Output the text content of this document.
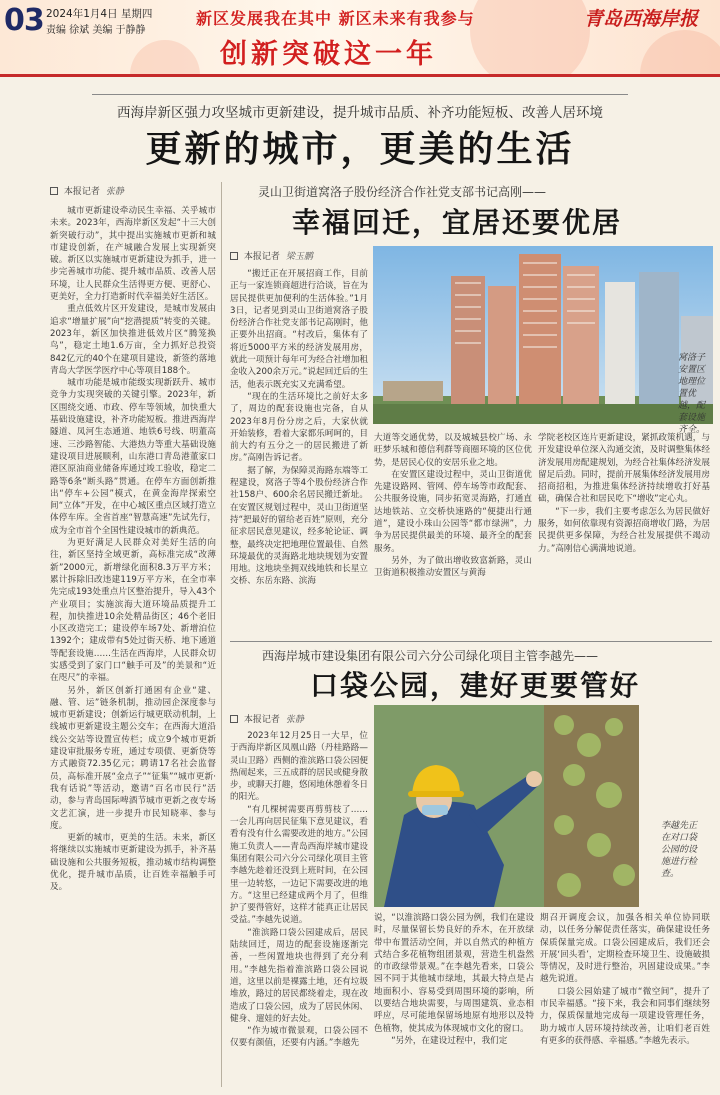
03 2024年1月4日 星期四
责编 徐斌 美编 于静静
新区发展我在其中 新区未来有我参与
创新突破这一年
青岛西海岸报
西海岸新区强力攻坚城市更新建设，提升城市品质、补齐功能短板、改善人居环境
更新的城市，更美的生活
本报记者 张静

城市更新建设牵动民生幸福、关乎城市未来。2023年，西海岸新区发起“十三大创新突破行动”，其中提出实施城市更新和城市建设创新，在产城融合发展上实现新突破。新区以实施城市更新建设为抓手，进一步完善城市功能、提升城市品质、改善人居环境，让人民群众生活得更方便、更舒心、更美好，全力打造新时代幸福美好生活区。

重点低效片区开发建设，是城市发展由追求“增量扩展”向“挖潜提质”转变的关键。2023年，新区加快推进低效片区“腾笼换鸟”，稳定土地1.6万亩，全力抓好总投资842亿元的40个在建项目建设，新签约落地青岛大学医学医疗中心等项目188个。

城市功能是城市能级实现新跃升、城市竞争力实现突破的关键引擎。2023年，新区围绕交通、市政、停车等领域，加快重大基础设施建设，补齐功能短板。推进西海岸隧道、凤河生态通道、地铁6号线、明董高速、三沙路智能、大港热力等重大基础设施建设项目进展顺利，山东港口青岛港董家口港区原油商业储备库通过竣工验收，稳定二路等6条“断头路”贯通。在停车方面创新推出“停车+公园”模式，在黄金海岸探索空间“立体”开发，在中心城区重点区域打造立体停车库。全省首座“智慧高速”先试先行，成为全市首个全国性建设城市的新典范。

为更好满足人民群众对美好生活的向往，新区坚持全域更新，高标准完成“改薄新”2000元，新增绿化面积8.3万平方米；累计拆除旧改违建119万平方米，在全市率先完成193处重点片区整治提升，导入43个产业项目；实施滨海大道环境品质提升工程，加快推进10余处精品街区；46个老旧小区改造完工；建设停车场7处、新增泊位1392个；建成带有5处过街天桥、地下通道等配套设施……生活在西海岸，人民群众切实感受到了家门口“触手可及”的美景和“近在咫尺”的幸福。

另外，新区创新打通困有企业“建、融、管、运”链条机制，推动园企深度参与城市更新建设；创新运行城更联动机制，上线城市更新建设主题公交车；在西海大道沿线公交站等设置宣传栏；成立9个城市更新建设审批服务专班，通过专项债、更新贷等方式融资72.35亿元；聘请17名社会监督员，高标准开展“金点子”“征集”“城市更新·我有话说”等活动，邀请“百名市民行”活动，参与青岛国际啤酒节城市更新之夜专场文艺汇演，进一步提升市民知晓率、参与度。

更新的城市，更美的生活。未来，新区将继续以实施城市更新建设为抓手，补齐基础设施和公共服务短板，推动城市结构调整优化，提升城市品质，让百姓幸福触手可及。

灵山卫街道窝洛子股份经济合作社党支部书记高刚——
幸福回迁，宜居还要优居
本报记者 梁玉鹏

“搬迁正在开展招商工作，目前正与一家连锁商超进行洽谈，旨在为居民提供更加便利的生活体验。”1月3日，记者见到灵山卫街道窝洛子股份经济合作社党支部书记高刚时，他正要外出招商。“村改后，集体有了将近5000平方米的经济发展用房，就此一项预计每年可为经合社增加租金收入200余万元。”说起回迁后的生活，他表示既充实又充满希望。

“现在的生活环境比之前好太多了，周边的配套设施也完备，自从2023年8月份分房之后，大家伙就开始装修，看着大家都乐呵呵的，目前大约有五分之一的居民搬进了新房。”高刚告诉记者。

据了解，为保障灵海路东端等工程建设，窝洛子等4个股份经济合作社158户、600余名居民搬迁新址。在安置区规划过程中，灵山卫街道坚持“把最好的留给老百姓”原则，充分征求居民意见建议，经多轮论证、调整，最终决定把地理位置最佳、自然环境最优的灵海路北地块规划为安置用地。这地块坐拥双线地铁和长星立交桥、东岳东路、滨海

窝洛子安置区地理位置优越，配套设施齐全。

大道等交通优势，以及城城县校广场、永旺梦乐城和德信利群等商圈环境的区位优势，是居民心仪的安居乐业之地。

在安置区建设过程中，灵山卫街道优先建设路网、管网、停车场等市政配套、公共服务设施，同步拓宽灵海路，打通直达地铁站、立交桥快速路的“便捷出行通道”，建设小珠山公园等“都市绿洲”，力争为居民提供最美的环境、最齐全的配套服务。

另外，为了做出增收致富新路，灵山卫街道积极推动安置区与黄海

学院老校区连片更新建设，紧抓政策机遇，与开发建设单位深入沟通交流，及时调整集体经济发展用房配建规划，为经合社集体经济发展留足后劲。同时，提前开展集体经济发展用房招商招租，为推进集体经济持续增收打好基础，确保合社和居民吃下“增收”定心丸。

“下一步，我们主要考虑怎么为居民做好服务，如何依靠现有资源招商增收门路，为居民提供更多保障，为经合社发展提供不竭动力。”高刚信心满满地说道。

西海岸城市建设集团有限公司六分公司绿化项目主管李越先——
口袋公园，建好更要管好
本报记者 张静

2023年12月25日一大早，位于西海岸新区凤凰山路（丹桂路路—灵山卫路）西侧的淮滨路口袋公园便热闹起来，三五成群的居民或健身散步，或聊天打趣，悠闲地休憩着冬日的阳光。

“有几棵树需要再剪剪枝了……一会儿再向居民征集下意见建议，看看有没有什么需要改进的地方。”公园施工负责人——青岛西海岸城市建设集团有限公司六分公司绿化项目主管李越先趁着还没到上班时间，在公园里一边转悠，一边记下需要改进的地方。“这里已经建成两个月了，但维护了要得管好，这样才能真正让居民受益。”李越先说道。

“淮滨路口袋公园建成后，居民陆续回迁，周边的配套设施逐渐完善，一些闲置地块也得到了充分利用。”李越先指着淮滨路口袋公园说道，这里以前是裸露土地，还有垃圾堆放，路过的居民都绕着走，现在改造成了口袋公园，成为了居民休闲、健身、遛娃的好去处。

“作为城市微景观，口袋公园不仅要有颜值，还要有内涵。”李越先

李越先正在对口袋公园的设施进行检查。

说，“以淮滨路口袋公园为例，我们在建设时，尽量保留长势良好的乔木，在开放绿带中布置活动空间，并以自然式的种植方式结合多花植物组团景观，营造生机盎然的市政绿带景观。”在李越先看来，口袋公园不同于其他城市绿地，其最大特点是占地面积小、容易受到周围环境的影响，所以要结合地块需要，与周围建筑、业态相呼应，尽可能地保留场地原有地形以及特色植物，使其成为体现城市文化的窗口。

“另外，在建设过程中，我们定

期召开调度会议，加强各相关单位协同联动，以任务分解促责任落实，确保建设任务保质保量完成。口袋公园建成后，我们还会开展‘回头看’，定期检查环境卫生、设施破损等情况，及时进行整治，巩固建设成果。”李越先说道。

口袋公园始建了城市“微空间”，提升了市民幸福感。“接下来，我会和同事们继续努力，保质保量地完成每一项建设管理任务，助力城市人居环境持续改善，让咱们老百姓有更多的获得感、幸福感。”李越先表示。
